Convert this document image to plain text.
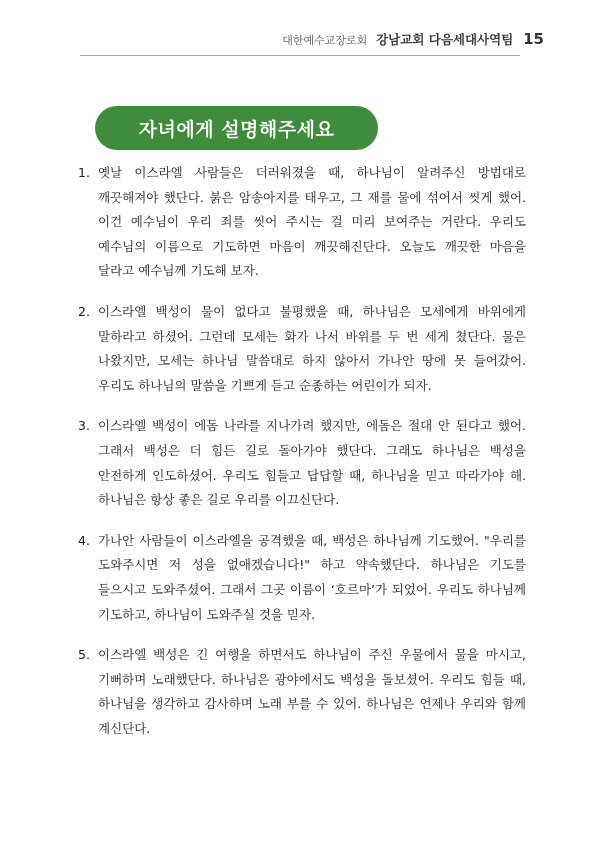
대한예수교장로회 강남교회 다음세대사역팀 15
자녀에게 설명해주세요
1. 옛날 이스라엘 사람들은 더러워졌을 때, 하나님이 알려주신 방법대로 깨끗해져야 했단다. 붉은 암송아지를 태우고, 그 재를 물에 섞어서 씻게 했어. 이건 예수님이 우리 죄를 씻어 주시는 걸 미리 보여주는 거란다. 우리도 예수님의 이름으로 기도하면 마음이 깨끗해진단다. 오늘도 깨끗한 마음을 달라고 예수님께 기도해 보자.
2. 이스라엘 백성이 물이 없다고 불평했을 때, 하나님은 모세에게 바위에게 말하라고 하셨어. 그런데 모세는 화가 나서 바위를 두 번 세게 쳤단다. 물은 나왔지만, 모세는 하나님 말씀대로 하지 않아서 가나안 땅에 못 들어갔어. 우리도 하나님의 말씀을 기쁘게 듣고 순종하는 어린이가 되자.
3. 이스라엘 백성이 에돔 나라를 지나가려 했지만, 에돔은 절대 안 된다고 했어. 그래서 백성은 더 힘든 길로 돌아가야 했단다. 그래도 하나님은 백성을 안전하게 인도하셨어. 우리도 힘들고 답답할 때, 하나님을 믿고 따라가야 해. 하나님은 항상 좋은 길로 우리를 이끄신단다.
4. 가나안 사람들이 이스라엘을 공격했을 때, 백성은 하나님께 기도했어. "우리를 도와주시면 저 성을 없애겠습니다!" 하고 약속했단다. 하나님은 기도를 들으시고 도와주셨어. 그래서 그곳 이름이 ‘호르마’가 되었어. 우리도 하나님께 기도하고, 하나님이 도와주실 것을 믿자.
5. 이스라엘 백성은 긴 여행을 하면서도 하나님이 주신 우물에서 물을 마시고, 기뻐하며 노래했단다. 하나님은 광야에서도 백성을 돌보셨어. 우리도 힘들 때, 하나님을 생각하고 감사하며 노래 부를 수 있어. 하나님은 언제나 우리와 함께 계신단다.
